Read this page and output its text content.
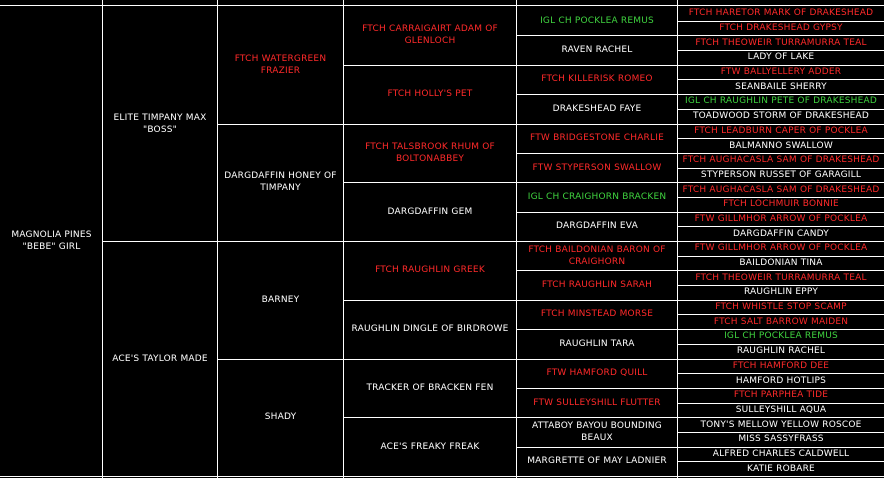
MAGNOLIA PINES "BEBE" GIRL
ELITE TIMPANY MAX "BOSS"
ACE'S TAYLOR MADE
FTCH WATERGREEN FRAZIER
DARGDAFFIN HONEY OF TIMPANY
BARNEY
SHADY
FTCH CARRAIGAIRT ADAM OF GLENLOCH
FTCH HOLLY'S PET
FTCH TALSBROOK RHUM OF BOLTONABBEY
DARGDAFFIN GEM
FTCH RAUGHLIN GREEK
RAUGHLIN DINGLE OF BIRDROWE
TRACKER OF BRACKEN FEN
ACE'S FREAKY FREAK
IGL CH POCKLEA REMUS
RAVEN RACHEL
FTCH KILLERISK ROMEO
DRAKESHEAD FAYE
FTW BRIDGESTONE CHARLIE
FTW STYPERSON SWALLOW
IGL CH CRAIGHORN BRACKEN
DARGDAFFIN EVA
FTCH BAILDONIAN BARON OF CRAIGHORN
FTCH RAUGHLIN SARAH
FTCH MINSTEAD MORSE
RAUGHLIN TARA
FTW HAMFORD QUILL
FTW SULLEYSHILL FLUTTER
ATTABOY BAYOU BOUNDING BEAUX
MARGRETTE OF MAY LADNIER
FTCH HARETOR MARK OF DRAKESHEAD
FTCH DRAKESHEAD GYPSY
FTCH THEOWEIR TURRAMURRA TEAL
LADY OF LAKE
FTW BALLYELLERY ADDER
SEANBAILE SHERRY
IGL CH RAUGHLIN PETE OF DRAKESHEAD
TOADWOOD STORM OF DRAKESHEAD
FTCH LEADBURN CAPER OF POCKLEA
BALMANNO SWALLOW
FTCH AUGHACASLA SAM OF DRAKESHEAD
STYPERSON RUSSET OF GARAGILL
FTCH AUGHACASLA SAM OF DRAKESHEAD
FTCH LOCHMUIR BONNIE
FTW GILLMHOR ARROW OF POCKLEA
DARGDAFFIN CANDY
FTW GILLMHOR ARROW OF POCKLEA
BAILDONIAN TINA
FTCH THEOWEIR TURRAMURRA TEAL
RAUGHLIN EPPY
FTCH WHISTLE STOP SCAMP
FTCH SALT BARROW MAIDEN
IGL CH POCKLEA REMUS
RAUGHLIN RACHEL
FTCH HAMFORD DEE
HAMFORD HOTLIPS
FTCH PARPHEA TIDE
SULLEYSHILL AQUA
TONY'S MELLOW YELLOW ROSCOE
MISS SASSYFRASS
ALFRED CHARLES CALDWELL
KATIE ROBARE
